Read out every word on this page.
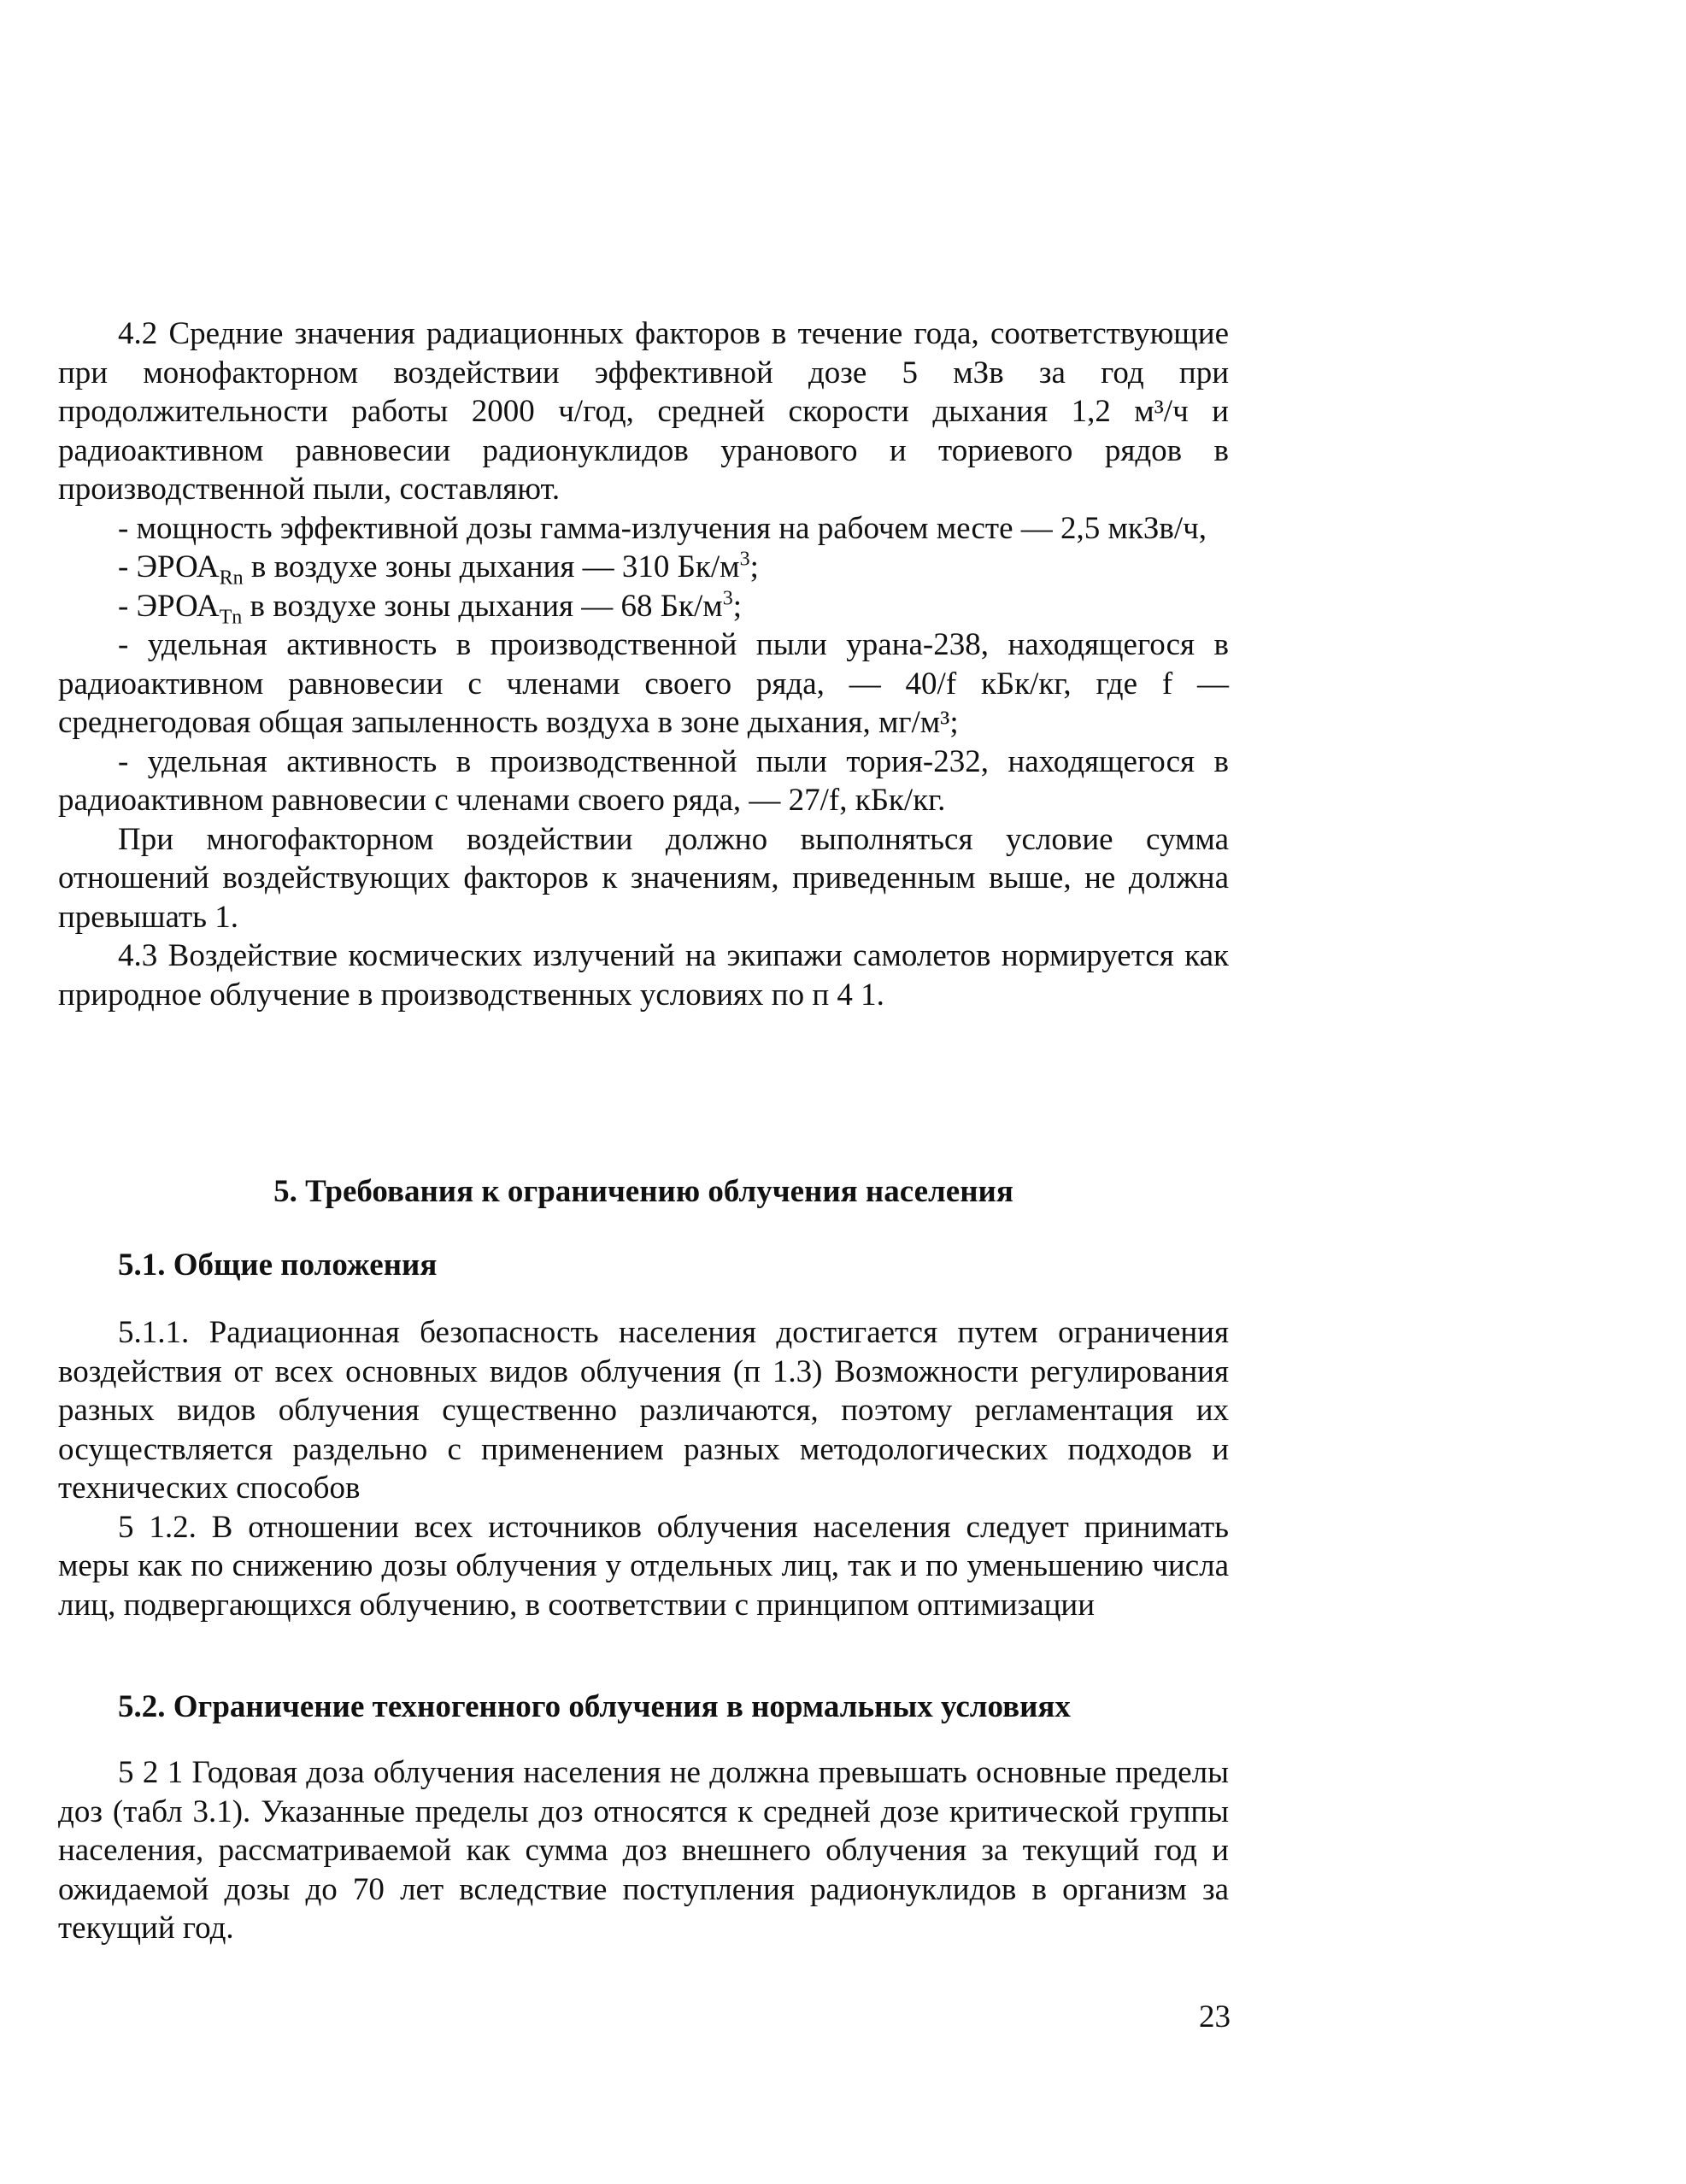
4.2 Средние значения радиационных факторов в течение года, соответствующие при монофакторном воздействии эффективной дозе 5 мЗв за год при продолжительности работы 2000 ч/год, средней скорости дыхания 1,2 м³/ч и радиоактивном равновесии радионуклидов уранового и ториевого рядов в производственной пыли, составляют.

- мощность эффективной дозы гамма-излучения на рабочем месте — 2,5 мкЗв/ч,

- $ЭРОА_{Rn}$ в воздухе зоны дыхания — 310 $Бк/м^3$;

- $ЭРОА_{Tn}$ в воздухе зоны дыхания — 68 $Бк/м^3$;

- удельная активность в производственной пыли урана-238, находящегося в радиоактивном равновесии с членами своего ряда, — 40/f кБк/кг, где f — среднегодовая общая запыленность воздуха в зоне дыхания, мг/м³;

- удельная активность в производственной пыли тория-232, находящегося в радиоактивном равновесии с членами своего ряда, — 27/f, кБк/кг.

При многофакторном воздействии должно выполняться условие сумма отношений воздействующих факторов к значениям, приведенным выше, не должна превышать 1.

4.3 Воздействие космических излучений на экипажи самолетов нормируется как природное облучение в производственных условиях по п 4 1.

5. Требования к ограничению облучения населения
5.1. Общие положения

5.1.1. Радиационная безопасность населения достигается путем ограничения воздействия от всех основных видов облучения (п 1.3) Возможности регулирования разных видов облучения существенно различаются, поэтому регламентация их осуществляется раздельно с применением разных методологических подходов и технических способов

5 1.2. В отношении всех источников облучения населения следует принимать меры как по снижению дозы облучения у отдельных лиц, так и по уменьшению числа лиц, подвергающихся облучению, в соответствии с принципом оптимизации

5.2. Ограничение техногенного облучения в нормальных условиях

5 2 1 Годовая доза облучения населения не должна превышать основные пределы доз (табл 3.1). Указанные пределы доз относятся к средней дозе критической группы населения, рассматриваемой как сумма доз внешнего облучения за текущий год и ожидаемой дозы до 70 лет вследствие поступления радионуклидов в организм за текущий год.

23
